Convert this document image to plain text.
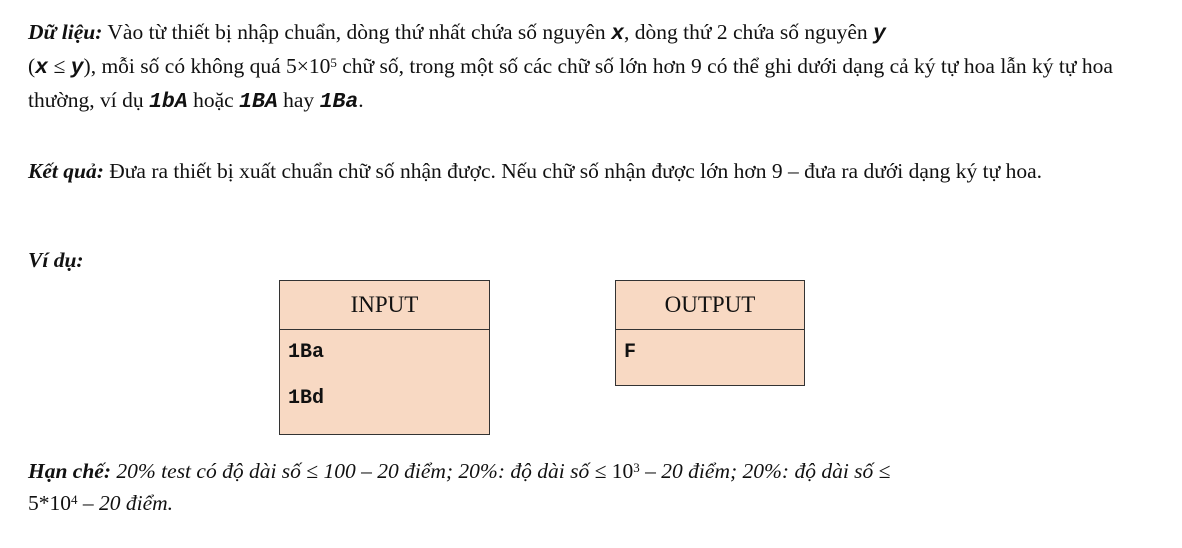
Dữ liệu: Vào từ thiết bị nhập chuẩn, dòng thứ nhất chứa số nguyên x, dòng thứ 2 chứa số nguyên y
(x ≤ y), mỗi số có không quá $5\times 10^5$ chữ số, trong một số các chữ số lớn hơn 9 có thể ghi dưới dạng cả ký tự hoa lẫn ký tự hoa thường, ví dụ 1bA hoặc 1BA hay 1Ba.

Kết quả: Đưa ra thiết bị xuất chuẩn chữ số nhận được. Nếu chữ số nhận được lớn hơn 9 – đưa ra dưới dạng ký tự hoa.

Ví dụ:

INPUT

1Ba
1Bd
OUTPUT

F

Hạn chế: 20% test có độ dài số ≤ 100 – 20 điểm; 20%: độ dài số ≤ $10^3 - 20$ điểm; 20%: độ dài số ≤
$5*10^4 - 20$ điểm.
